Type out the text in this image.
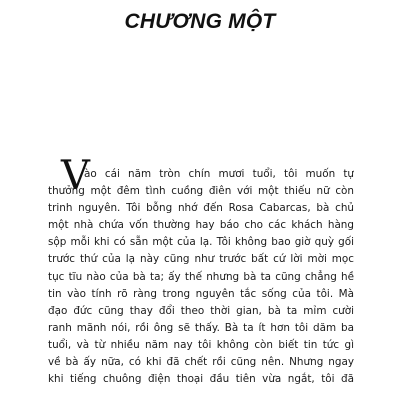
CHƯƠNG MỘT
V
ào cái năm tròn chín mươi tuổi, tôi muốn tự
thưởng một đêm tình cuồng điên với một thiếu nữ còn
trinh nguyên. Tôi bỗng nhớ đến Rosa Cabarcas, bà chủ
một nhà chứa vốn thường hay báo cho các khách hàng
sộp mỗi khi có sẵn một của lạ. Tôi không bao giờ quỳ gối
trước thứ của lạ này cũng như trước bất cứ lời mời mọc
tục tĩu nào của bà ta; ấy thế nhưng bà ta cũng chẳng hề
tin vào tính rõ ràng trong nguyên tắc sống của tôi. Mà
đạo đức cũng thay đổi theo thời gian, bà ta mỉm cười
ranh mãnh nói, rồi ông sẽ thấy. Bà ta ít hơn tôi dăm ba
tuổi, và từ nhiều năm nay tôi không còn biết tin tức gì
về bà ấy nữa, có khi đã chết rồi cũng nên. Nhưng ngay
khi tiếng chuông điện thoại đầu tiên vừa ngắt, tôi đã
